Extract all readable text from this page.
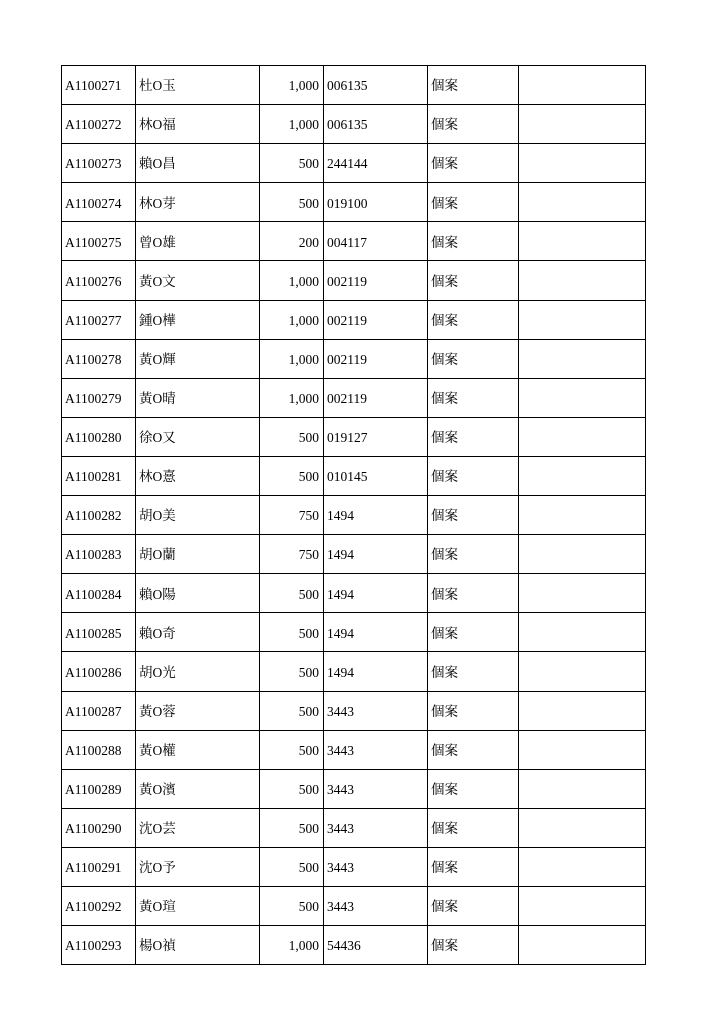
A1100271	杜O玉	1,000	006135	個案	
A1100272	林O福	1,000	006135	個案	
A1100273	賴O昌	500	244144	個案	
A1100274	林O芽	500	019100	個案	
A1100275	曾O雄	200	004117	個案	
A1100276	黃O文	1,000	002119	個案	
A1100277	鍾O樺	1,000	002119	個案	
A1100278	黃O輝	1,000	002119	個案	
A1100279	黃O晴	1,000	002119	個案	
A1100280	徐O又	500	019127	個案	
A1100281	林O憙	500	010145	個案	
A1100282	胡O美	750	1494	個案	
A1100283	胡O蘭	750	1494	個案	
A1100284	賴O陽	500	1494	個案	
A1100285	賴O奇	500	1494	個案	
A1100286	胡O光	500	1494	個案	
A1100287	黃O蓉	500	3443	個案	
A1100288	黃O權	500	3443	個案	
A1100289	黃O濱	500	3443	個案	
A1100290	沈O芸	500	3443	個案	
A1100291	沈O予	500	3443	個案	
A1100292	黃O瑄	500	3443	個案	
A1100293	楊O禎	1,000	54436	個案	
